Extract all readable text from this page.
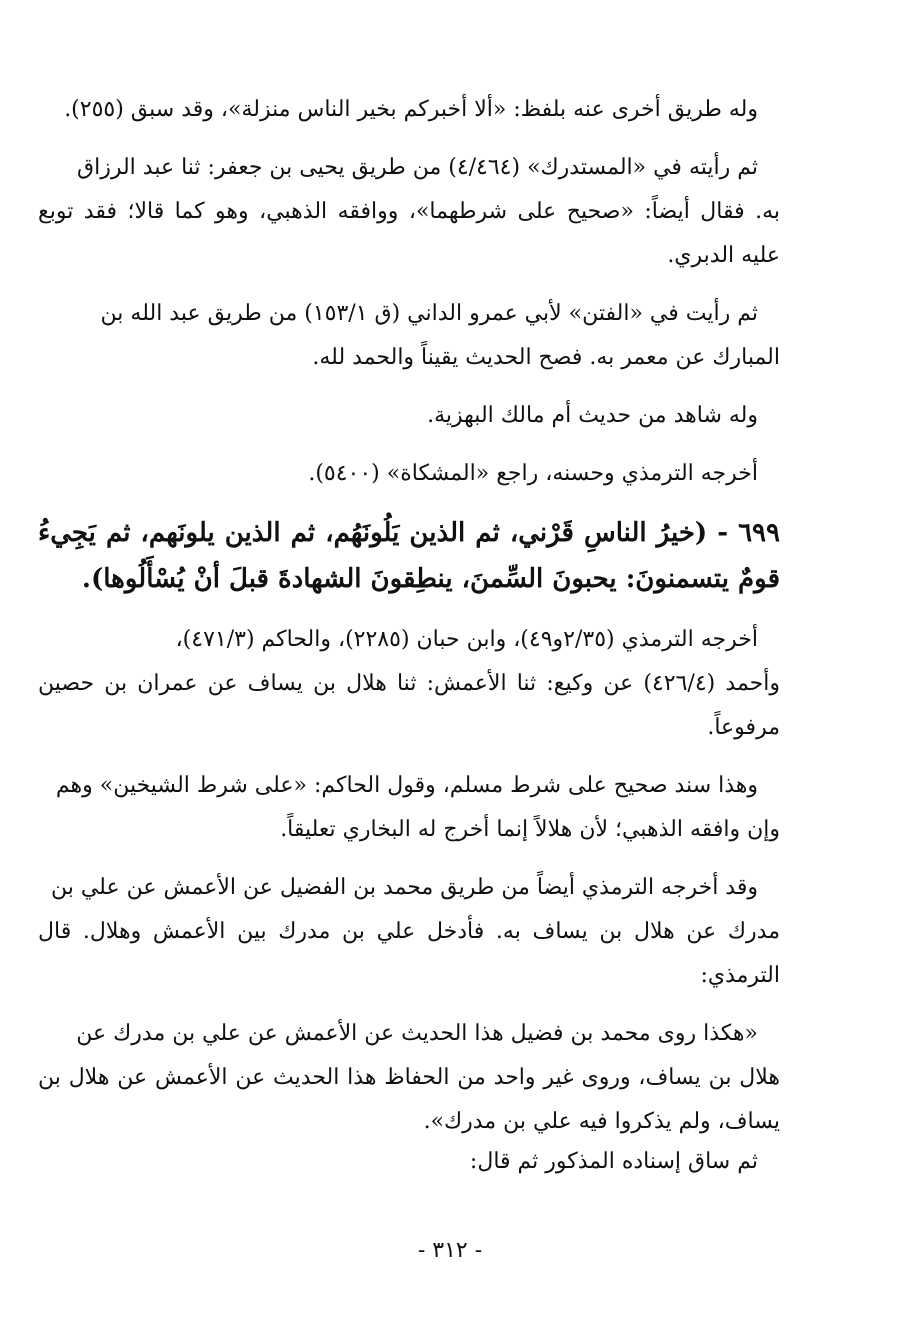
وله طريق أخرى عنه بلفظ: «ألا أخبركم بخير الناس منزلة»، وقد سبق (٢٥٥).
ثم رأيته في «المستدرك» (٤/٤٦٤) من طريق يحيى بن جعفر: ثنا عبد الرزاق
به. فقال أيضاً: «صحيح على شرطهما»، ووافقه الذهبي، وهو كما قالا؛ فقد توبع عليه الدبري.
ثم رأيت في «الفتن» لأبي عمرو الداني (ق ١٥٣/١) من طريق عبد الله بن
المبارك عن معمر به. فصح الحديث يقيناً والحمد لله.
وله شاهد من حديث أم مالك البهزية.
أخرجه الترمذي وحسنه، راجع «المشكاة» (٥٤٠٠).
٦٩٩ - (خيرُ الناسِ قَرْني، ثم الذين يَلُونَهُم، ثم الذين يلونَهم، ثم يَجِيءُ قومٌ يتسمنونَ: يحبونَ السِّمنَ، ينطِقونَ الشهادةَ قبلَ أنْ يُسْأَلُوها).
أخرجه الترمذي (٢/٣٥و٤٩)، وابن حبان (٢٢٨٥)، والحاكم (٤٧١/٣)،
وأحمد (٤٢٦/٤) عن وكيع: ثنا الأعمش: ثنا هلال بن يساف عن عمران بن حصين مرفوعاً.
وهذا سند صحيح على شرط مسلم، وقول الحاكم: «على شرط الشيخين» وهم
وإن وافقه الذهبي؛ لأن هلالاً إنما أخرج له البخاري تعليقاً.
وقد أخرجه الترمذي أيضاً من طريق محمد بن الفضيل عن الأعمش عن علي بن
مدرك عن هلال بن يساف به. فأدخل علي بن مدرك بين الأعمش وهلال. قال الترمذي:
«هكذا روى محمد بن فضيل هذا الحديث عن الأعمش عن علي بن مدرك عن
هلال بن يساف، وروى غير واحد من الحفاظ هذا الحديث عن الأعمش عن هلال بن يساف، ولم يذكروا فيه علي بن مدرك».
ثم ساق إسناده المذكور ثم قال:
- ٣١٢ -
